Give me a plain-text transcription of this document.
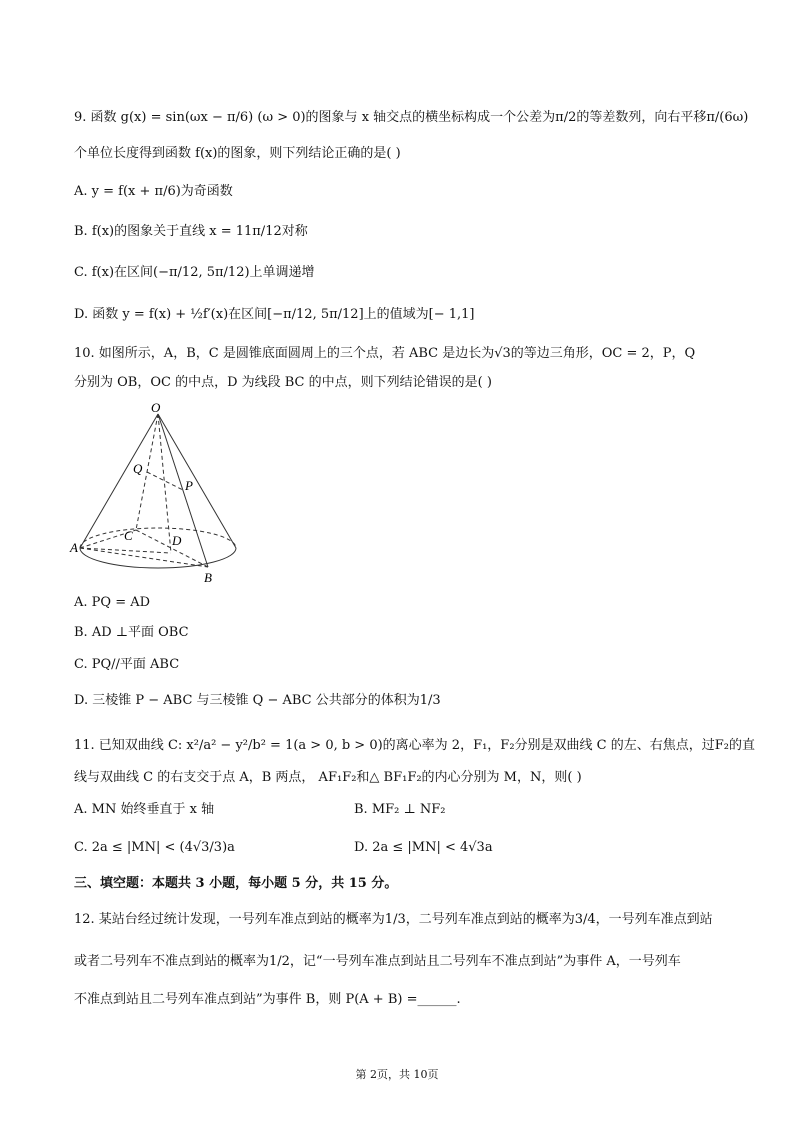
9. 函数 g(x) = sin(ωx − π/6) (ω > 0)的图象与 x 轴交点的横坐标构成一个公差为π/2的等差数列，向右平移π/(6ω)
个单位长度得到函数 f(x)的图象，则下列结论正确的是( )
A. y = f(x + π/6)为奇函数
B. f(x)的图象关于直线 x = 11π/12对称
C. f(x)在区间(−π/12, 5π/12)上单调递增
D. 函数 y = f(x) + ½f′(x)在区间[−π/12, 5π/12]上的值域为[− 1,1]
10. 如图所示，A，B，C 是圆锥底面圆周上的三个点，若 ABC 是边长为√3的等边三角形，OC = 2，P，Q
分别为 OB，OC 的中点，D 为线段 BC 的中点，则下列结论错误的是( )
O
Q
P
C	D
A
B
A. PQ = AD
B. AD ⊥平面 OBC
C. PQ//平面 ABC
D. 三棱锥 P − ABC 与三棱锥 Q − ABC 公共部分的体积为1/3
11. 已知双曲线 C: x²/a² − y²/b² = 1(a > 0, b > 0)的离心率为 2，F₁，F₂分别是双曲线 C 的左、右焦点，过F₂的直
线与双曲线 C 的右支交于点 A，B 两点， AF₁F₂和△ BF₁F₂的内心分别为 M，N，则( )
A. MN 始终垂直于 x 轴	B. MF₂ ⊥ NF₂
C. 2a ≤ |MN| < (4√3/3)a	D. 2a ≤ |MN| < 4√3a
三、填空题：本题共 3 小题，每小题 5 分，共 15 分。
12. 某站台经过统计发现，一号列车准点到站的概率为1/3，二号列车准点到站的概率为3/4，一号列车准点到站
或者二号列车不准点到站的概率为1/2，记“一号列车准点到站且二号列车不准点到站”为事件 A，一号列车
不准点到站且二号列车准点到站”为事件 B，则 P(A + B) =______.
第 2页，共 10页
